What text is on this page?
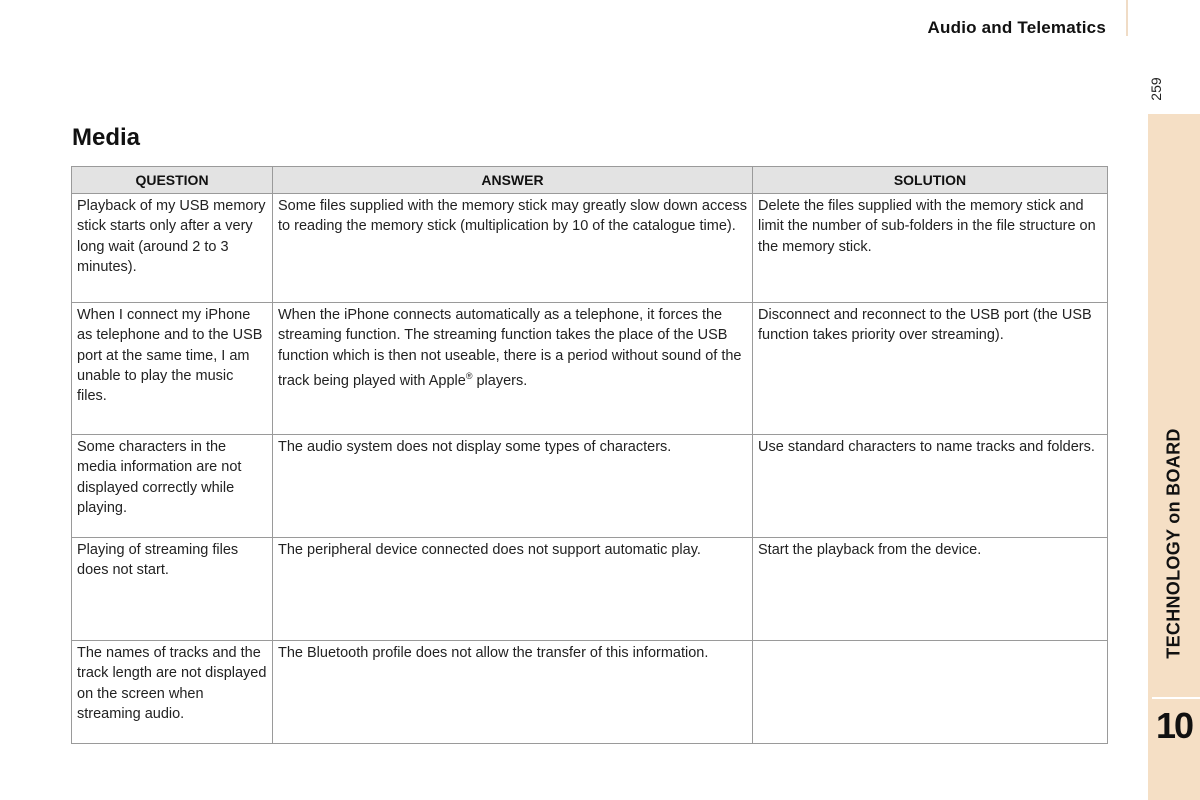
Audio and Telematics
259
TECHNOLOGY on BOARD
10
Media
QUESTION	ANSWER	SOLUTION
Playback of my USB memory stick starts only after a very long wait (around 2 to 3 minutes).	Some files supplied with the memory stick may greatly slow down access to reading the memory stick (multiplication by 10 of the catalogue time).	Delete the files supplied with the memory stick and limit the number of sub-folders in the file structure on the memory stick.
When I connect my iPhone as telephone and to the USB port at the same time, I am unable to play the music files.	When the iPhone connects automatically as a telephone, it forces the streaming function. The streaming function takes the place of the USB function which is then not useable, there is a period without sound of the track being played with Apple® players.	Disconnect and reconnect to the USB port (the USB function takes priority over streaming).
Some characters in the media information are not displayed correctly while playing.	The audio system does not display some types of characters.	Use standard characters to name tracks and folders.
Playing of streaming files does not start.	The peripheral device connected does not support automatic play.	Start the playback from the device.
The names of tracks and the track length are not displayed on the screen when streaming audio.	The Bluetooth profile does not allow the transfer of this information.	
